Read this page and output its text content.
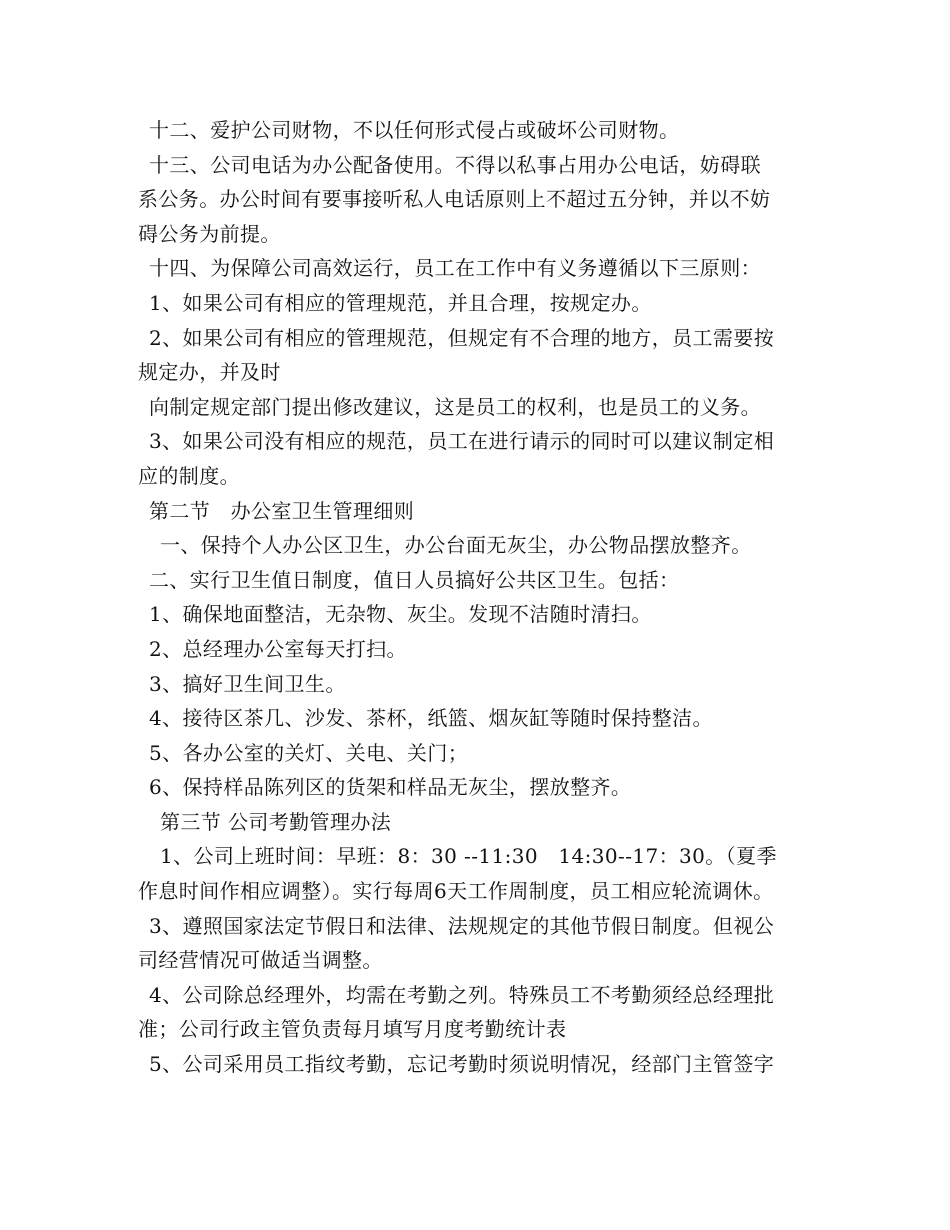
十二、爱护公司财物，不以任何形式侵占或破坏公司财物。
十三、公司电话为办公配备使用。不得以私事占用办公电话，妨碍联
系公务。办公时间有要事接听私人电话原则上不超过五分钟，并以不妨
碍公务为前提。
十四、为保障公司高效运行，员工在工作中有义务遵循以下三原则：
1、如果公司有相应的管理规范，并且合理，按规定办。
2、如果公司有相应的管理规范，但规定有不合理的地方，员工需要按
规定办，并及时
向制定规定部门提出修改建议，这是员工的权利，也是员工的义务。
3、如果公司没有相应的规范，员工在进行请示的同时可以建议制定相
应的制度。
第二节　办公室卫生管理细则
一、保持个人办公区卫生，办公台面无灰尘，办公物品摆放整齐。
二、实行卫生值日制度，值日人员搞好公共区卫生。包括：
1、确保地面整洁，无杂物、灰尘。发现不洁随时清扫。
2、总经理办公室每天打扫。
3、搞好卫生间卫生。
4、接待区茶几、沙发、茶杯，纸篮、烟灰缸等随时保持整洁。
5、各办公室的关灯、关电、关门；
6、保持样品陈列区的货架和样品无灰尘，摆放整齐。
第三节 公司考勤管理办法
1、公司上班时间：早班：8：30 --11:30　14:30--17：30。（夏季
作息时间作相应调整）。实行每周6天工作周制度，员工相应轮流调休。
3、遵照国家法定节假日和法律、法规规定的其他节假日制度。但视公
司经营情况可做适当调整。
4、公司除总经理外，均需在考勤之列。特殊员工不考勤须经总经理批
准；公司行政主管负责每月填写月度考勤统计表
5、公司采用员工指纹考勤，忘记考勤时须说明情况，经部门主管签字
